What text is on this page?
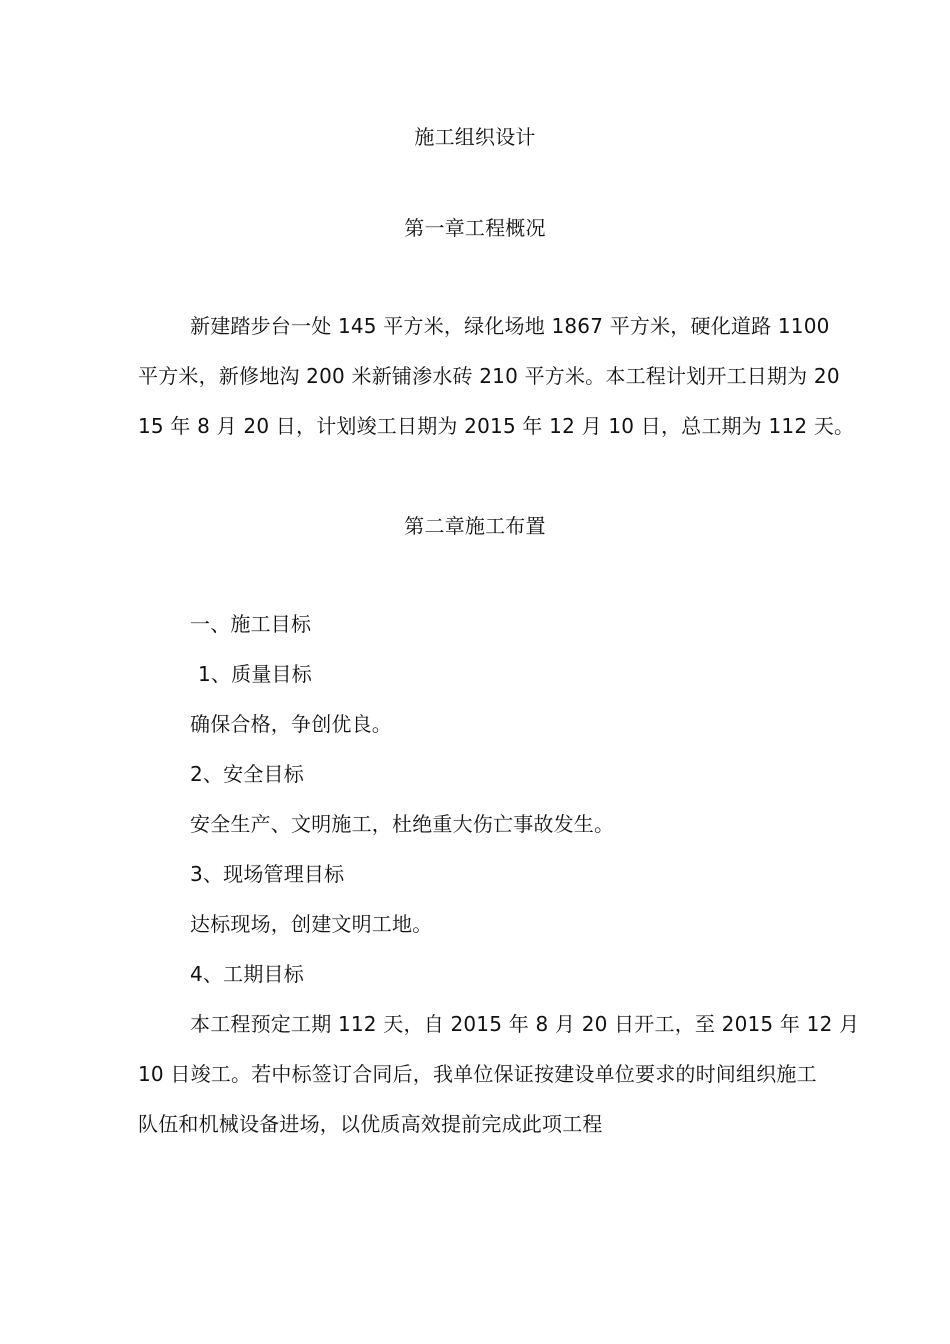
施工组织设计
第一章工程概况
新建踏步台一处 145 平方米，绿化场地 1867 平方米，硬化道路 1100
平方米，新修地沟 200 米新铺渗水砖 210 平方米。本工程计划开工日期为 20
15 年 8 月 20 日，计划竣工日期为 2015 年 12 月 10 日，总工期为 112 天。
第二章施工布置
一、施工目标
1、质量目标
确保合格，争创优良。
2、安全目标
安全生产、文明施工，杜绝重大伤亡事故发生。
3、现场管理目标
达标现场，创建文明工地。
4、工期目标
本工程预定工期 112 天，自 2015 年 8 月 20 日开工，至 2015 年 12 月
10 日竣工。若中标签订合同后，我单位保证按建设单位要求的时间组织施工
队伍和机械设备进场，以优质高效提前完成此项工程
